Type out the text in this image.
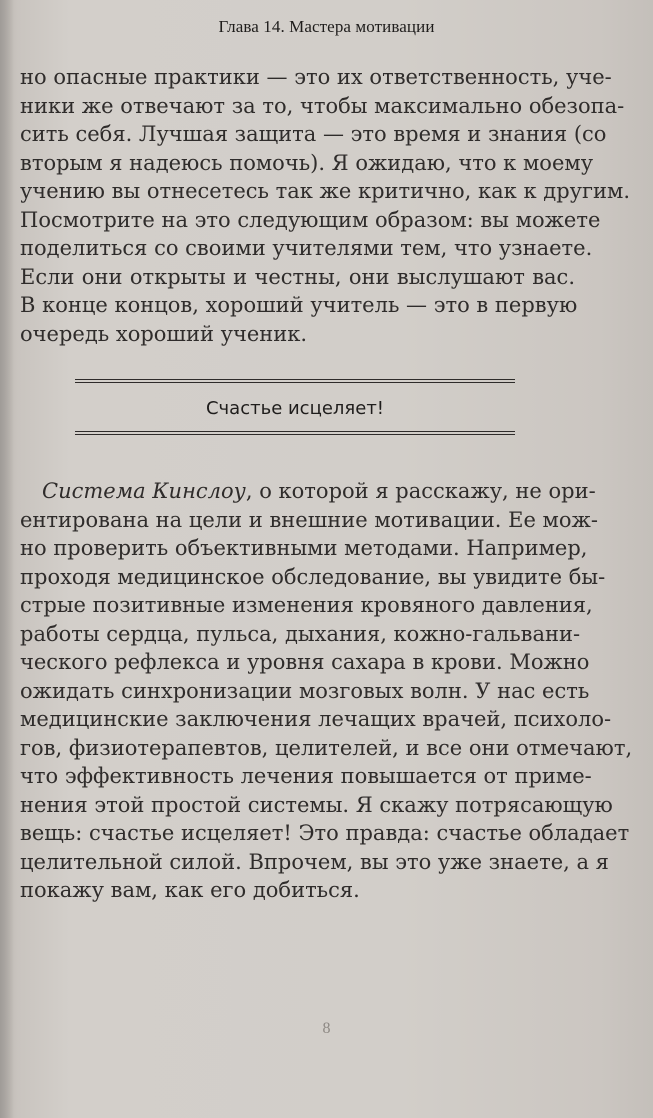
Глава 14. Мастера мотивации
но опасные практики — это их ответственность, уче-
ники же отвечают за то, чтобы максимально обезопа-
сить себя. Лучшая защита — это время и знания (со
вторым я надеюсь помочь). Я ожидаю, что к моему
учению вы отнесетесь так же критично, как к другим.
Посмотрите на это следующим образом: вы можете
поделиться со своими учителями тем, что узнаете.
Если они открыты и честны, они выслушают вас.
В конце концов, хороший учитель — это в первую
очередь хороший ученик.
Счастье исцеляет!
Система Кинслоу, о которой я расскажу, не ори-
ентирована на цели и внешние мотивации. Ее мож-
но проверить объективными методами. Например,
проходя медицинское обследование, вы увидите бы-
стрые позитивные изменения кровяного давления,
работы сердца, пульса, дыхания, кожно-гальвани-
ческого рефлекса и уровня сахара в крови. Можно
ожидать синхронизации мозговых волн. У нас есть
медицинские заключения лечащих врачей, психоло-
гов, физиотерапевтов, целителей, и все они отмечают,
что эффективность лечения повышается от приме-
нения этой простой системы. Я скажу потрясающую
вещь: счастье исцеляет! Это правда: счастье обладает
целительной силой. Впрочем, вы это уже знаете, а я
покажу вам, как его добиться.
8
